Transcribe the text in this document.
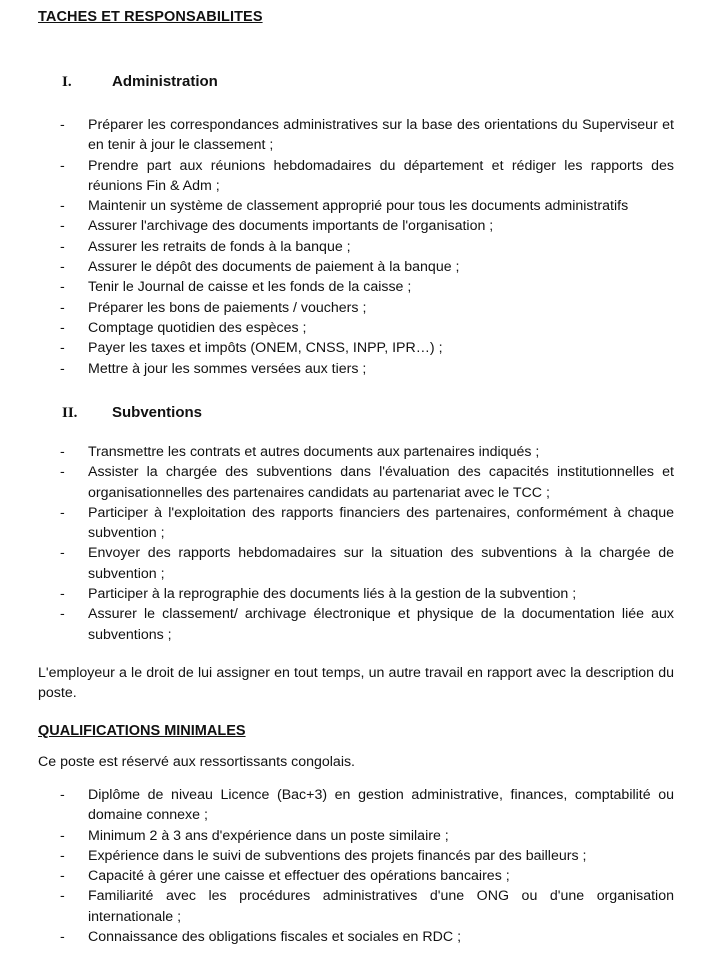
TACHES ET RESPONSABILITES
I.	Administration
- Préparer les correspondances administratives sur la base des orientations du Superviseur et en tenir à jour le classement ;
- Prendre part aux réunions hebdomadaires du département et rédiger les rapports des réunions Fin & Adm ;
- Maintenir un système de classement approprié pour tous les documents administratifs
- Assurer l'archivage des documents importants de l'organisation ;
- Assurer les retraits de fonds à la banque ;
- Assurer le dépôt des documents de paiement à la banque ;
- Tenir le Journal de caisse et les fonds de la caisse ;
- Préparer les bons de paiements / vouchers ;
- Comptage quotidien des espèces ;
- Payer les taxes et impôts (ONEM, CNSS, INPP, IPR…) ;
- Mettre à jour les sommes versées aux tiers ;
II. Subventions
- Transmettre les contrats et autres documents aux partenaires indiqués ;
- Assister la chargée des subventions dans l'évaluation des capacités institutionnelles et organisationnelles des partenaires candidats au partenariat avec le TCC ;
- Participer à l'exploitation des rapports financiers des partenaires, conformément à chaque subvention ;
- Envoyer des rapports hebdomadaires sur la situation des subventions à la chargée de subvention ;
- Participer à la reprographie des documents liés à la gestion de la subvention ;
- Assurer le classement/ archivage électronique et physique de la documentation liée aux subventions ;

L'employeur a le droit de lui assigner en tout temps, un autre travail en rapport avec la description du poste.

QUALIFICATIONS MINIMALES

Ce poste est réservé aux ressortissants congolais.

- Diplôme de niveau Licence (Bac+3) en gestion administrative, finances, comptabilité ou domaine connexe ;
- Minimum 2 à 3 ans d'expérience dans un poste similaire ;
- Expérience dans le suivi de subventions des projets financés par des bailleurs ;
- Capacité à gérer une caisse et effectuer des opérations bancaires ;
- Familiarité avec les procédures administratives d'une ONG ou d'une organisation internationale ;
- Connaissance des obligations fiscales et sociales en RDC ;
